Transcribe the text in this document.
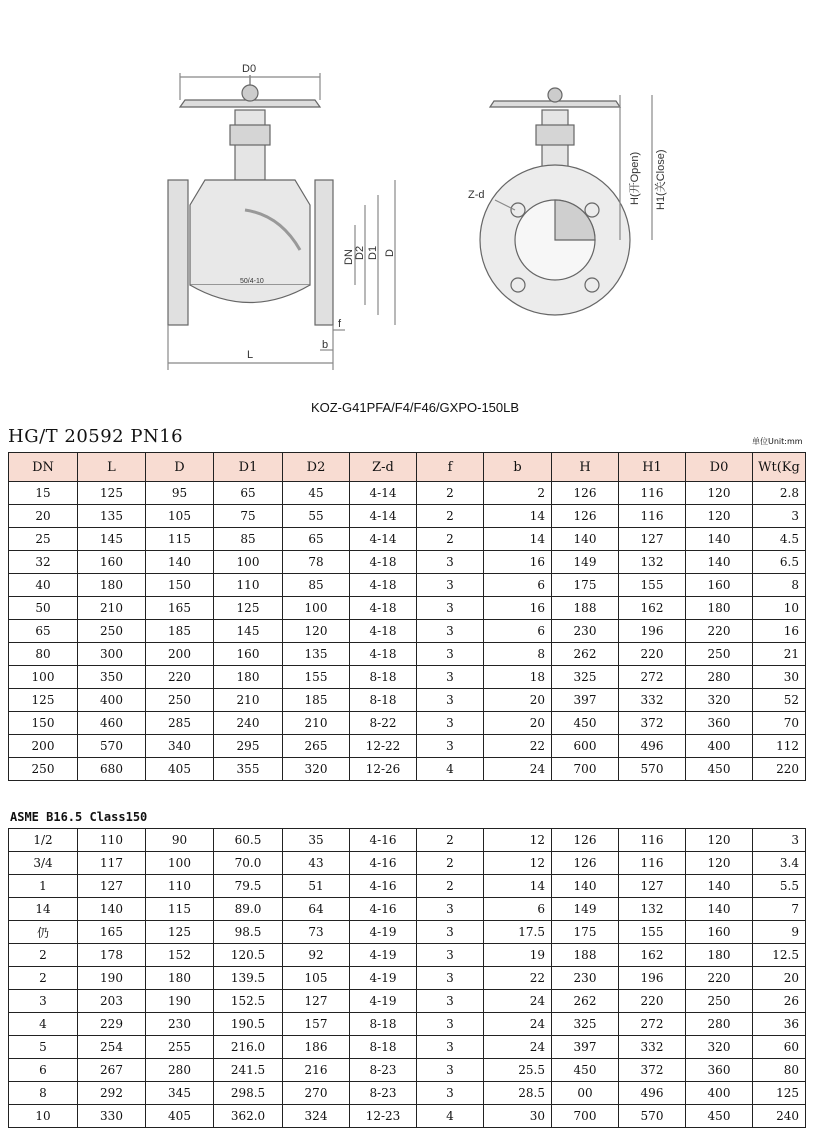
D0
L
DN D2 D1 D
b
f
Z-d	H(开Open) H1(关Close)
50/4-10
KOZ-G41PFA/F4/F46/GXPO-150LB
HG/T 20592 PN16	单位Unit:mm
DN	L	D	D1	D2	Z-d	f	b	H	H1	D0	Wt(Kg
15	125	95	65	45	4-14	2	2	126	116	120	2.8
20	135	105	75	55	4-14	2	14	126	116	120	3
25	145	115	85	65	4-14	2	14	140	127	140	4.5
32	160	140	100	78	4-18	3	16	149	132	140	6.5
40	180	150	110	85	4-18	3	6	175	155	160	8
50	210	165	125	100	4-18	3	16	188	162	180	10
65	250	185	145	120	4-18	3	6	230	196	220	16
80	300	200	160	135	4-18	3	8	262	220	250	21
100	350	220	180	155	8-18	3	18	325	272	280	30
125	400	250	210	185	8-18	3	20	397	332	320	52
150	460	285	240	210	8-22	3	20	450	372	360	70
200	570	340	295	265	12-22	3	22	600	496	400	112
250	680	405	355	320	12-26	4	24	700	570	450	220
ASME B16.5 Class150
1/2	110	90	60.5	35	4-16	2	12	126	116	120	3
3/4	117	100	70.0	43	4-16	2	12	126	116	120	3.4
1	127	110	79.5	51	4-16	2	14	140	127	140	5.5
14	140	115	89.0	64	4-16	3	6	149	132	140	7
仍	165	125	98.5	73	4-19	3	17.5	175	155	160	9
2	178	152	120.5	92	4-19	3	19	188	162	180	12.5
2	190	180	139.5	105	4-19	3	22	230	196	220	20
3	203	190	152.5	127	4-19	3	24	262	220	250	26
4	229	230	190.5	157	8-18	3	24	325	272	280	36
5	254	255	216.0	186	8-18	3	24	397	332	320	60
6	267	280	241.5	216	8-23	3	25.5	450	372	360	80
8	292	345	298.5	270	8-23	3	28.5	00	496	400	125
10	330	405	362.0	324	12-23	4	30	700	570	450	240
